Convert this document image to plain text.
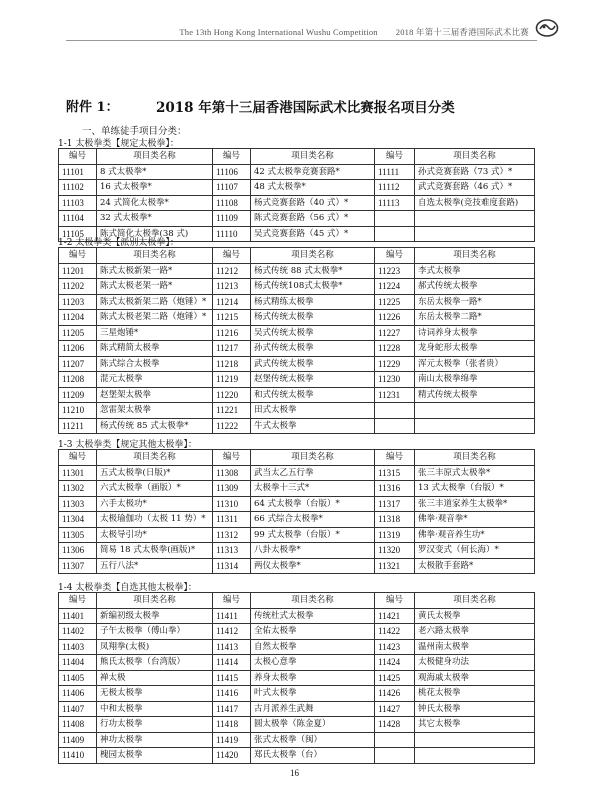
The 13th Hong Kong International Wushu Competition 2018 年第十三届香港国际武术比赛
附件 1：	2018 年第十三届香港国际武术比赛报名项目分类
一、单练徒手项目分类：
1-1 太极拳类【规定太极拳】：
编号	项目类名称	编号	项目类名称	编号	项目类名称
11101	8 式太极拳*	11106	42 式太极拳竞赛套路*	11111	孙式竞赛套路（73 式）*
11102	16 式太极拳*	11107	48 式太极拳*	11112	武式竞赛套路（46 式）*
11103	24 式简化太极拳*	11108	杨式竞赛套路（40 式）*	11113	自选太极拳(竞技难度套路)
11104	32 式太极拳*	11109	陈式竞赛套路（56 式）*		
11105	陈式简化太极拳(38 式)	11110	吴式竞赛套路（45 式）*		
1-2 太极拳类【派别太极拳】：
编号	项目类名称	编号	项目类名称	编号	项目类名称
11201	陈式太极新架一路*	11212	杨式传统 88 式太极拳*	11223	李式太极拳
11202	陈式太极老架一路*	11213	杨式传统108式太极拳*	11224	郝式传统太极拳
11203	陈式太极新架二路（炮锤）*	11214	杨式精练太极拳	11225	东岳太极拳一路*
11204	陈式太极老架二路（炮锤）*	11215	杨式传统太极拳	11226	东岳太极拳二路*
11205	三星炮锤*	11216	吴式传统太极拳	11227	诗词养身太极拳
11206	陈式精简太极拳	11217	孙式传统太极拳	11228	龙身蛇形太极拳
11207	陈式综合太极拳	11218	武式传统太极拳	11229	浑元太极拳（张者贵）
11208	混元太极拳	11219	赵堡传统太极拳	11230	南山太极拳绵拳
11209	赵堡架太极拳	11220	和式传统太极拳	11231	精式传统太极拳
11210	忽雷架太极拳	11221	田式太极拳		
11211	杨式传统 85 式太极拳*	11222	牛式太极拳		
1-3 太极拳类【规定其他太极拳】：
编号	项目类名称	编号	项目类名称	编号	项目类名称
11301	五式太极拳(日版)*	11308	武当太乙五行拳	11315	张三丰原式太极拳*
11302	六式太极拳（画版）*	11309	太极拳十三式*	11316	13 式太极拳（台版）*
11303	六手太极功*	11310	64 式太极拳（台版）*	11317	张三丰道家养生太极拳*
11304	太极瑜伽功（太极 11 势）*	11311	66 式综合太极拳*	11318	佛拳·观音拳*
11305	太极导引功*	11312	99 式太极拳（台版）*	11319	佛拳·观音养生功*
11306	简易 18 式太极拳(画版)*	11313	八卦太极拳*	11320	罗汉变式（何长海）*
11307	五行八法*	11314	两仪太极拳*	11321	太极散手套路*
1-4 太极拳类【自选其他太极拳】：
编号	项目类名称	编号	项目类名称	编号	项目类名称
11401	新编初级太极拳	11411	传统杜式太极拳	11421	黄氏太极拳
11402	子午太极拳（傅山拳）	11412	全佑太极拳	11422	老六路太极拳
11403	凤翔拳(太极)	11413	自然太极拳	11423	温州南太极拳
11404	熊氏太极拳（台湾版）	11414	太极心意拳	11424	太极健身功法
11405	禅太极	11415	养身太极拳	11425	观海戚太极拳
11406	无极太极拳	11416	叶式太极拳	11426	桃花太极拳
11407	中和太极拳	11417	古月派养生武舞	11427	钟氏太极拳
11408	行功太极拳	11418	圆太极拳（陈金夏）	11428	其它太极拳
11409	神功太极拳	11419	张式太极拳（闽）		
11410	槐园太极拳	11420	郑氏太极拳（台）		
16
